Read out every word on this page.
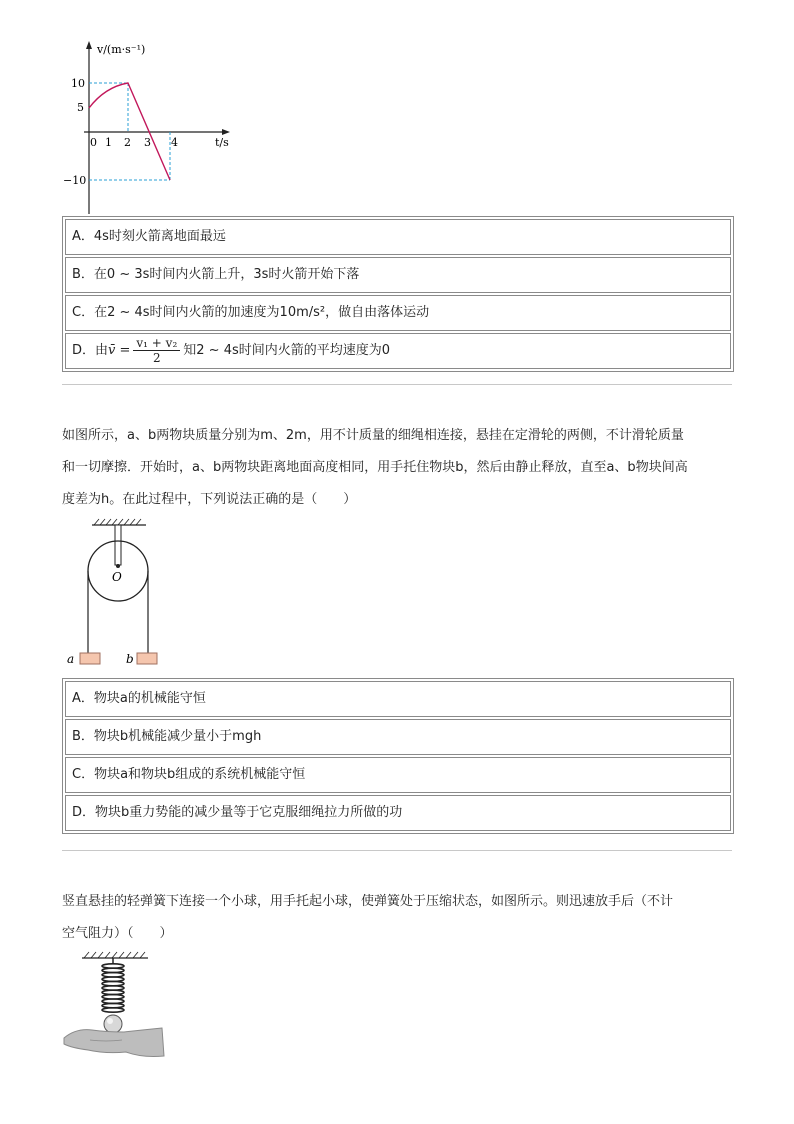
v/(m·s⁻¹)
t/s
10
5
−10
0 1 2 3 4
A．4s时刻火箭离地面最远
B．在0 ~ 3s时间内火箭上升，3s时火箭开始下落
C．在2 ~ 4s时间内火箭的加速度为10m/s²，做自由落体运动
D．由v̄ = $\frac{\text{v₁ + v₂}}{2}$ 知2 ~ 4s时间内火箭的平均速度为0

如图所示，a、b两物块质量分别为m、2m，用不计质量的细绳相连接，悬挂在定滑轮的两侧，不计滑轮质量

和一切摩擦．开始时，a、b两物块距离地面高度相同，用手托住物块b，然后由静止释放，直至a、b物块间高

度差为h。在此过程中，下列说法正确的是（　　）

O
a	b
A．物块a的机械能守恒
B．物块b机械能减少量小于mgh
C．物块a和物块b组成的系统机械能守恒
D．物块b重力势能的减少量等于它克服细绳拉力所做的功

竖直悬挂的轻弹簧下连接一个小球，用手托起小球，使弹簧处于压缩状态，如图所示。则迅速放手后（不计

空气阻力）（　　）
